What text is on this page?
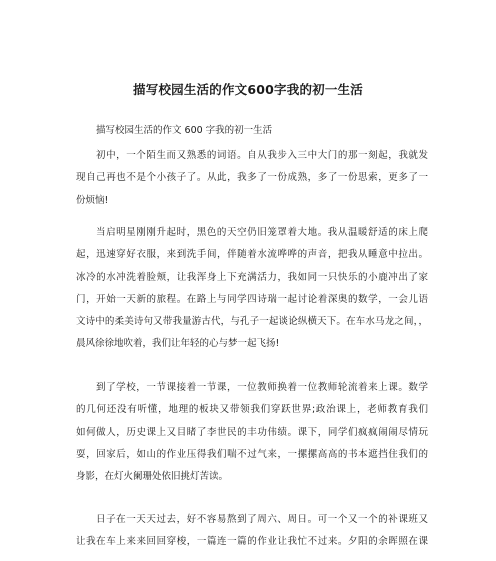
描写校园生活的作文600字我的初一生活

描写校园生活的作文 600 字我的初一生活

初中，一个陌生而又熟悉的词语。自从我步入三中大门的那一刻起，我就发
现自己再也不是个小孩子了。从此，我多了一份成熟，多了一份思索，更多了一
份烦恼!
当启明星刚刚升起时，黑色的天空仍旧笼罩着大地。我从温暖舒适的床上爬
起，迅速穿好衣服，来到洗手间，伴随着水流哗哗的声音，把我从睡意中拉出。
冰冷的水冲洗着脸颊，让我浑身上下充满活力，我如同一只快乐的小鹿冲出了家
门，开始一天新的旅程。在路上与同学四诗瑞一起讨论着深奥的数学，一会儿语
文诗中的柔美诗句又带我量游古代，与孔子一起谈论纵横天下。在车水马龙之间，，
晨风徐徐地吹着，我们让年轻的心与梦一起飞扬!
到了学校，一节课接着一节课，一位教师换着一位教师轮流着来上课。数学
的几何还没有听懂，地理的板块又带领我们穿跃世界;政治课上，老师教育我们
如何做人，历史课上又目睹了李世民的丰功伟绩。课下，同学们疯疯闹闹尽情玩
耍，回家后，如山的作业压得我们喘不过气来，一摞摞高高的书本遮挡住我们的
身影，在灯火阑珊处依旧挑灯苦读。
日子在一天天过去，好不容易熬到了周六、周日。可一个又一个的补课班又
让我在车上来来回回穿梭，一篇连一篇的作业让我忙不过来。夕阳的余晖照在课
